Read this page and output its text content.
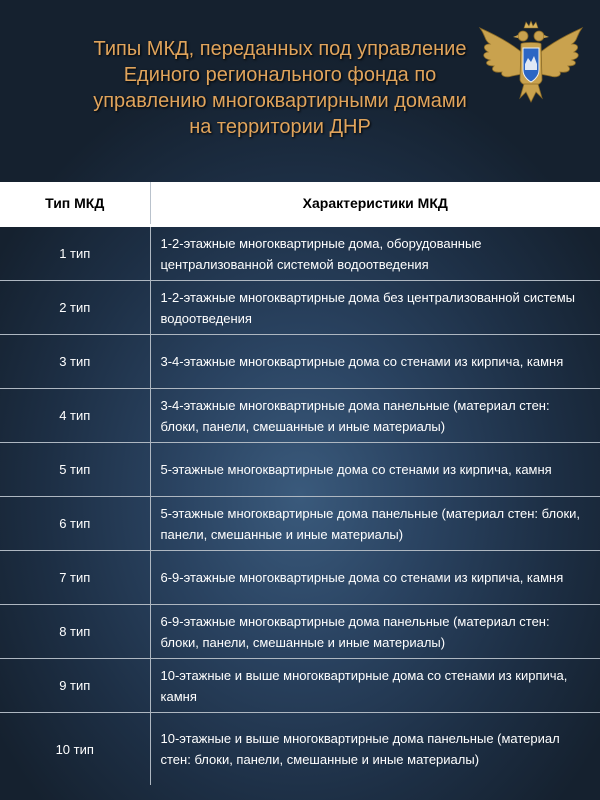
Типы МКД, переданных под управление
Единого регионального фонда по
управлению многоквартирными домами
на территории ДНР
Тип МКД	Характеристики МКД
1 тип	1-2-этажные многоквартирные дома, оборудованные централизованной системой водоотведения
2 тип	1-2-этажные многоквартирные дома без централизованной системы водоотведения
3 тип	3-4-этажные многоквартирные дома со стенами из кирпича, камня
4 тип	3-4-этажные многоквартирные дома панельные (материал стен: блоки, панели, смешанные и иные материалы)
5 тип	5-этажные многоквартирные дома со стенами из кирпича, камня
6 тип	5-этажные многоквартирные дома панельные (материал стен: блоки, панели, смешанные и иные материалы)
7 тип	6-9-этажные многоквартирные дома со стенами из кирпича, камня
8 тип	6-9-этажные многоквартирные дома панельные (материал стен: блоки, панели, смешанные и иные материалы)
9 тип	10-этажные и выше многоквартирные дома со стенами из кирпича, камня
10 тип	10-этажные и выше многоквартирные дома панельные (материал стен: блоки, панели, смешанные и иные материалы)
